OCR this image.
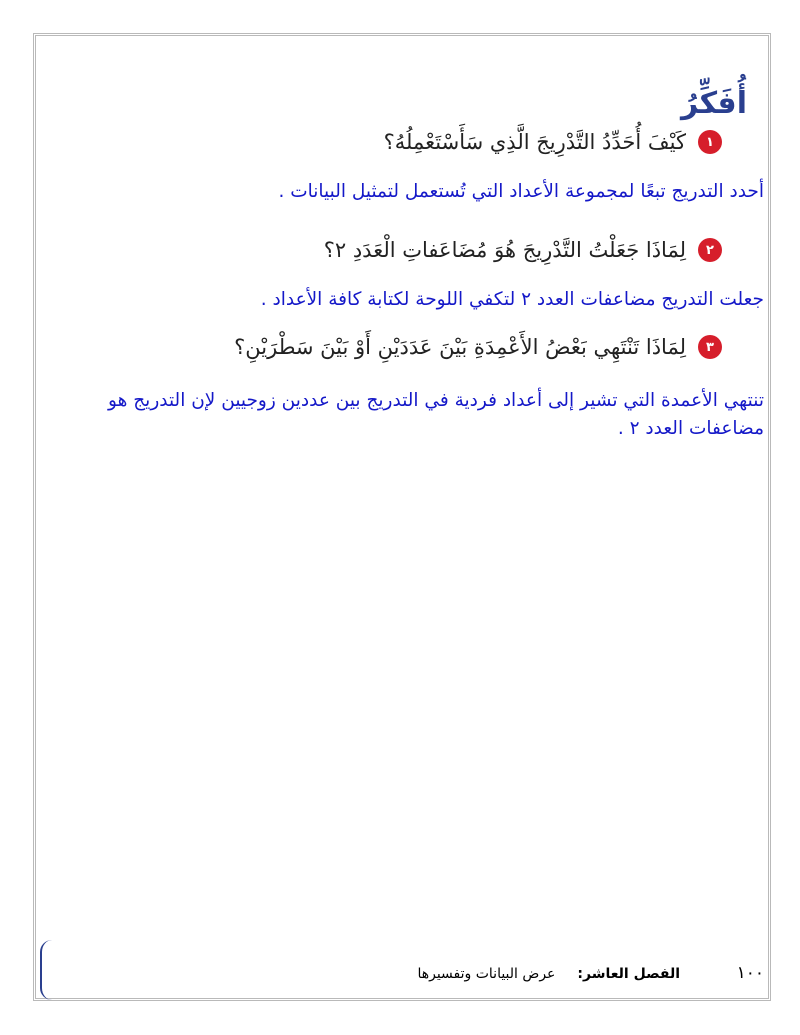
أُفَكِّرُ
١
كَيْفَ أُحَدِّدُ التَّدْرِيجَ الَّذِي سَأَسْتَعْمِلُهُ؟

أحدد التدريج تبعًا لمجموعة الأعداد التي تُستعمل لتمثيل البيانات .

٢
لِمَاذَا جَعَلْتُ التَّدْرِيجَ هُوَ مُضَاعَفاتِ الْعَدَدِ ٢؟

جعلت التدريج مضاعفات العدد ٢ لتكفي اللوحة لكتابة كافة الأعداد .

٣
لِمَاذَا تَنْتَهِي بَعْضُ الأَعْمِدَةِ بَيْنَ عَدَدَيْنِ أَوْ بَيْنَ سَطْرَيْنِ؟

تنتهي الأعمدة التي تشير إلى أعداد فردية في التدريج بين عددين زوجيين لإن التدريج هو مضاعفات العدد ٢ .

١٠٠
الفصل العاشر:
عرض البيانات وتفسيرها
